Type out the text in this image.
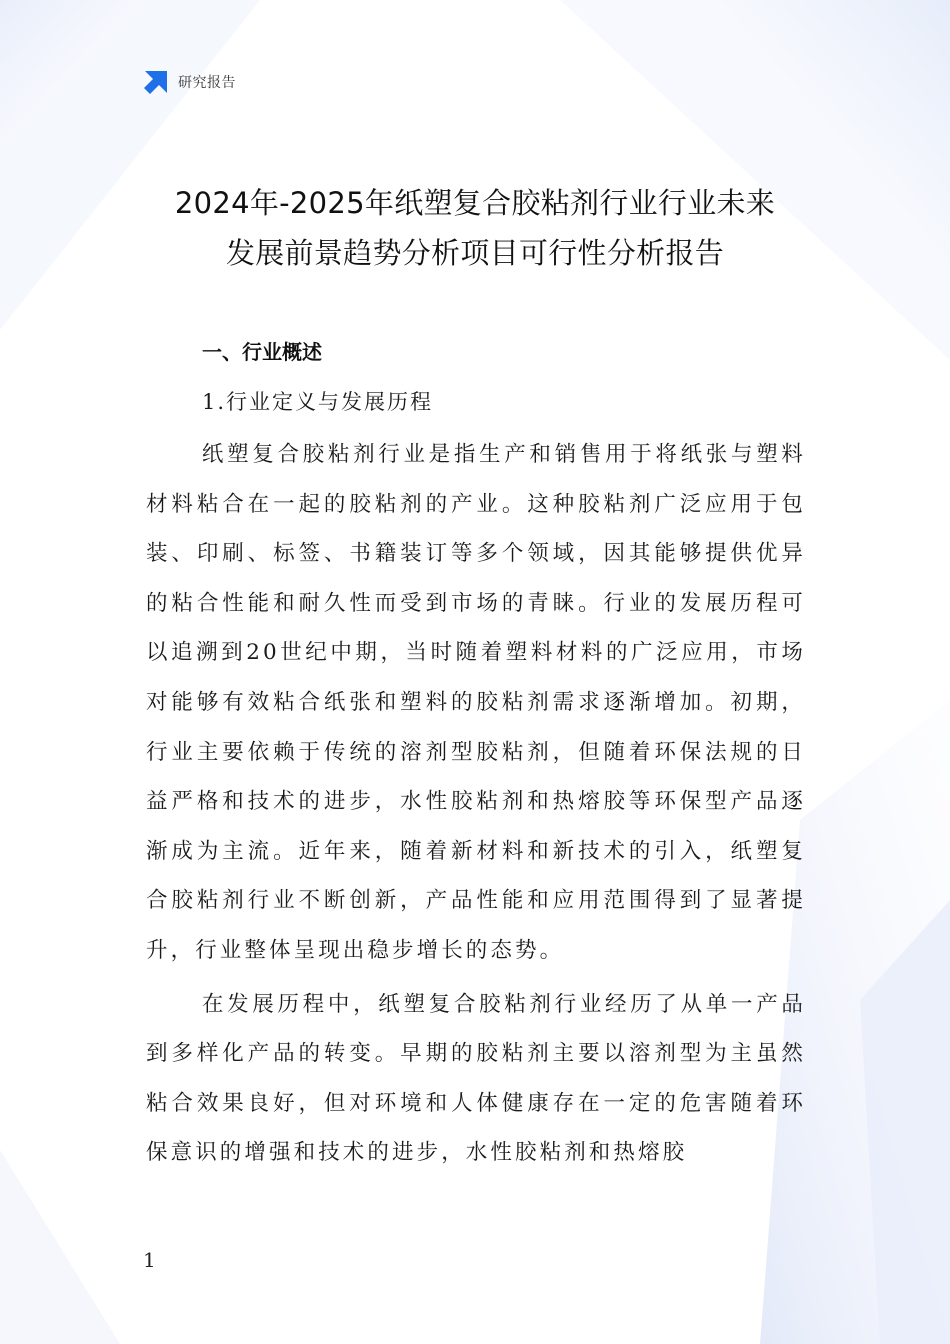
研究报告
2024年-2025年纸塑复合胶粘剂行业行业未来
发展前景趋势分析项目可行性分析报告
一、行业概述
1.行业定义与发展历程

纸塑复合胶粘剂行业是指生产和销售用于将纸张与塑料材料粘合在一起的胶粘剂的产业。这种胶粘剂广泛应用于包装、印刷、标签、书籍装订等多个领域，因其能够提供优异的粘合性能和耐久性而受到市场的青睐。行业的发展历程可以追溯到20世纪中期，当时随着塑料材料的广泛应用，市场对能够有效粘合纸张和塑料的胶粘剂需求逐渐增加。初期，行业主要依赖于传统的溶剂型胶粘剂，但随着环保法规的日益严格和技术的进步，水性胶粘剂和热熔胶等环保型产品逐渐成为主流。近年来，随着新材料和新技术的引入，纸塑复合胶粘剂行业不断创新，产品性能和应用范围得到了显著提升，行业整体呈现出稳步增长的态势。

在发展历程中，纸塑复合胶粘剂行业经历了从单一产品到多样化产品的转变。早期的胶粘剂主要以溶剂型为主虽然粘合效果良好，但对环境和人体健康存在一定的危害随着环保意识的增强和技术的进步，水性胶粘剂和热熔胶

1
